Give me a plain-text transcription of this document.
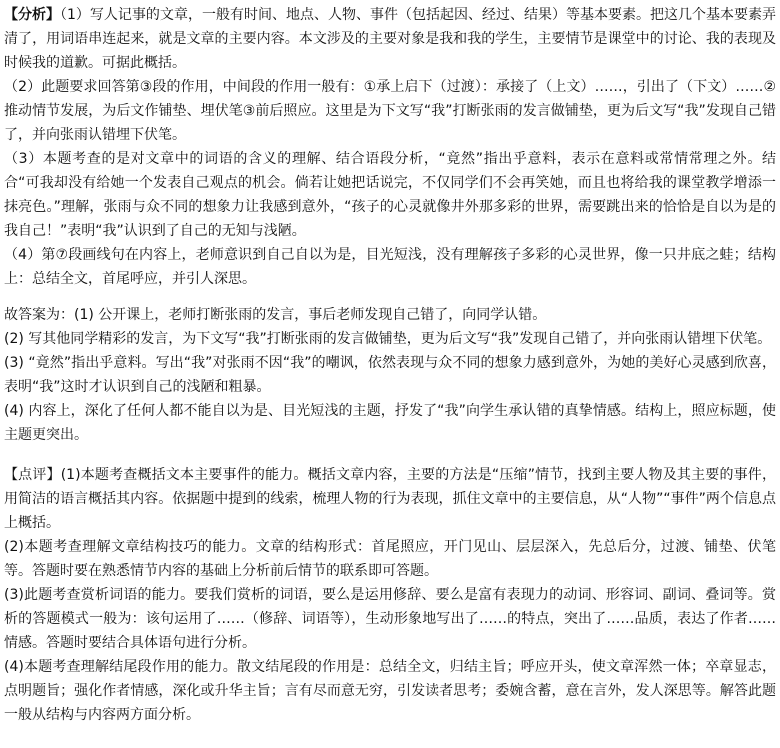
【分析】（1）写人记事的文章，一般有时间、地点、人物、事件（包括起因、经过、结果）等基本要素。把这几个基本要素弄清了，用词语串连起来，就是文章的主要内容。本文涉及的主要对象是我和我的学生，主要情节是课堂中的讨论、我的表现及时候我的道歉。可据此概括。

（2）此题要求回答第③段的作用，中间段的作用一般有：①承上启下（过渡）：承接了（上文）……，引出了（下文）……②推动情节发展，为后文作铺垫、埋伏笔③前后照应。这里是为下文写“我”打断张雨的发言做铺垫，更为后文写“我”发现自己错了，并向张雨认错埋下伏笔。

（3）本题考查的是对文章中的词语的含义的理解、结合语段分析，“竟然”指出乎意料，表示在意料或常情常理之外。结合“可我却没有给她一个发表自己观点的机会。倘若让她把话说完，不仅同学们不会再笑她，而且也将给我的课堂教学增添一抹亮色。”理解，张雨与众不同的想象力让我感到意外，“孩子的心灵就像井外那多彩的世界，需要跳出来的恰恰是自以为是的我自己！”表明“我”认识到了自己的无知与浅陋。

（4）第⑦段画线句在内容上，老师意识到自己自以为是，目光短浅，没有理解孩子多彩的心灵世界，像一只井底之蛙；结构上：总结全文，首尾呼应，并引人深思。

故答案为：(1) 公开课上，老师打断张雨的发言，事后老师发现自己错了，向同学认错。

(2) 写其他同学精彩的发言，为下文写“我”打断张雨的发言做铺垫，更为后文写“我”发现自己错了，并向张雨认错埋下伏笔。

(3) “竟然”指出乎意料。写出“我”对张雨不因“我”的嘲讽，依然表现与众不同的想象力感到意外，为她的美好心灵感到欣喜，表明“我”这时才认识到自己的浅陋和粗暴。

(4) 内容上，深化了任何人都不能自以为是、目光短浅的主题，抒发了“我”向学生承认错的真挚情感。结构上，照应标题，使主题更突出。

【点评】(1)本题考查概括文本主要事件的能力。概括文章内容，主要的方法是“压缩”情节，找到主要人物及其主要的事件，用简洁的语言概括其内容。依据题中提到的线索，梳理人物的行为表现，抓住文章中的主要信息，从“人物”“事件”两个信息点上概括。

(2)本题考查理解文章结构技巧的能力。文章的结构形式：首尾照应，开门见山、层层深入，先总后分，过渡、铺垫、伏笔等。答题时要在熟悉情节内容的基础上分析前后情节的联系即可答题。

(3)此题考查赏析词语的能力。要我们赏析的词语，要么是运用修辞、要么是富有表现力的动词、形容词、副词、叠词等。赏析的答题模式一般为：该句运用了……（修辞、词语等），生动形象地写出了……的特点，突出了……品质，表达了作者……情感。答题时要结合具体语句进行分析。

(4)本题考查理解结尾段作用的能力。散文结尾段的作用是：总结全文，归结主旨；呼应开头，使文章浑然一体；卒章显志，点明题旨；强化作者情感，深化或升华主旨；言有尽而意无穷，引发读者思考；委婉含蓄，意在言外，发人深思等。解答此题一般从结构与内容两方面分析。
